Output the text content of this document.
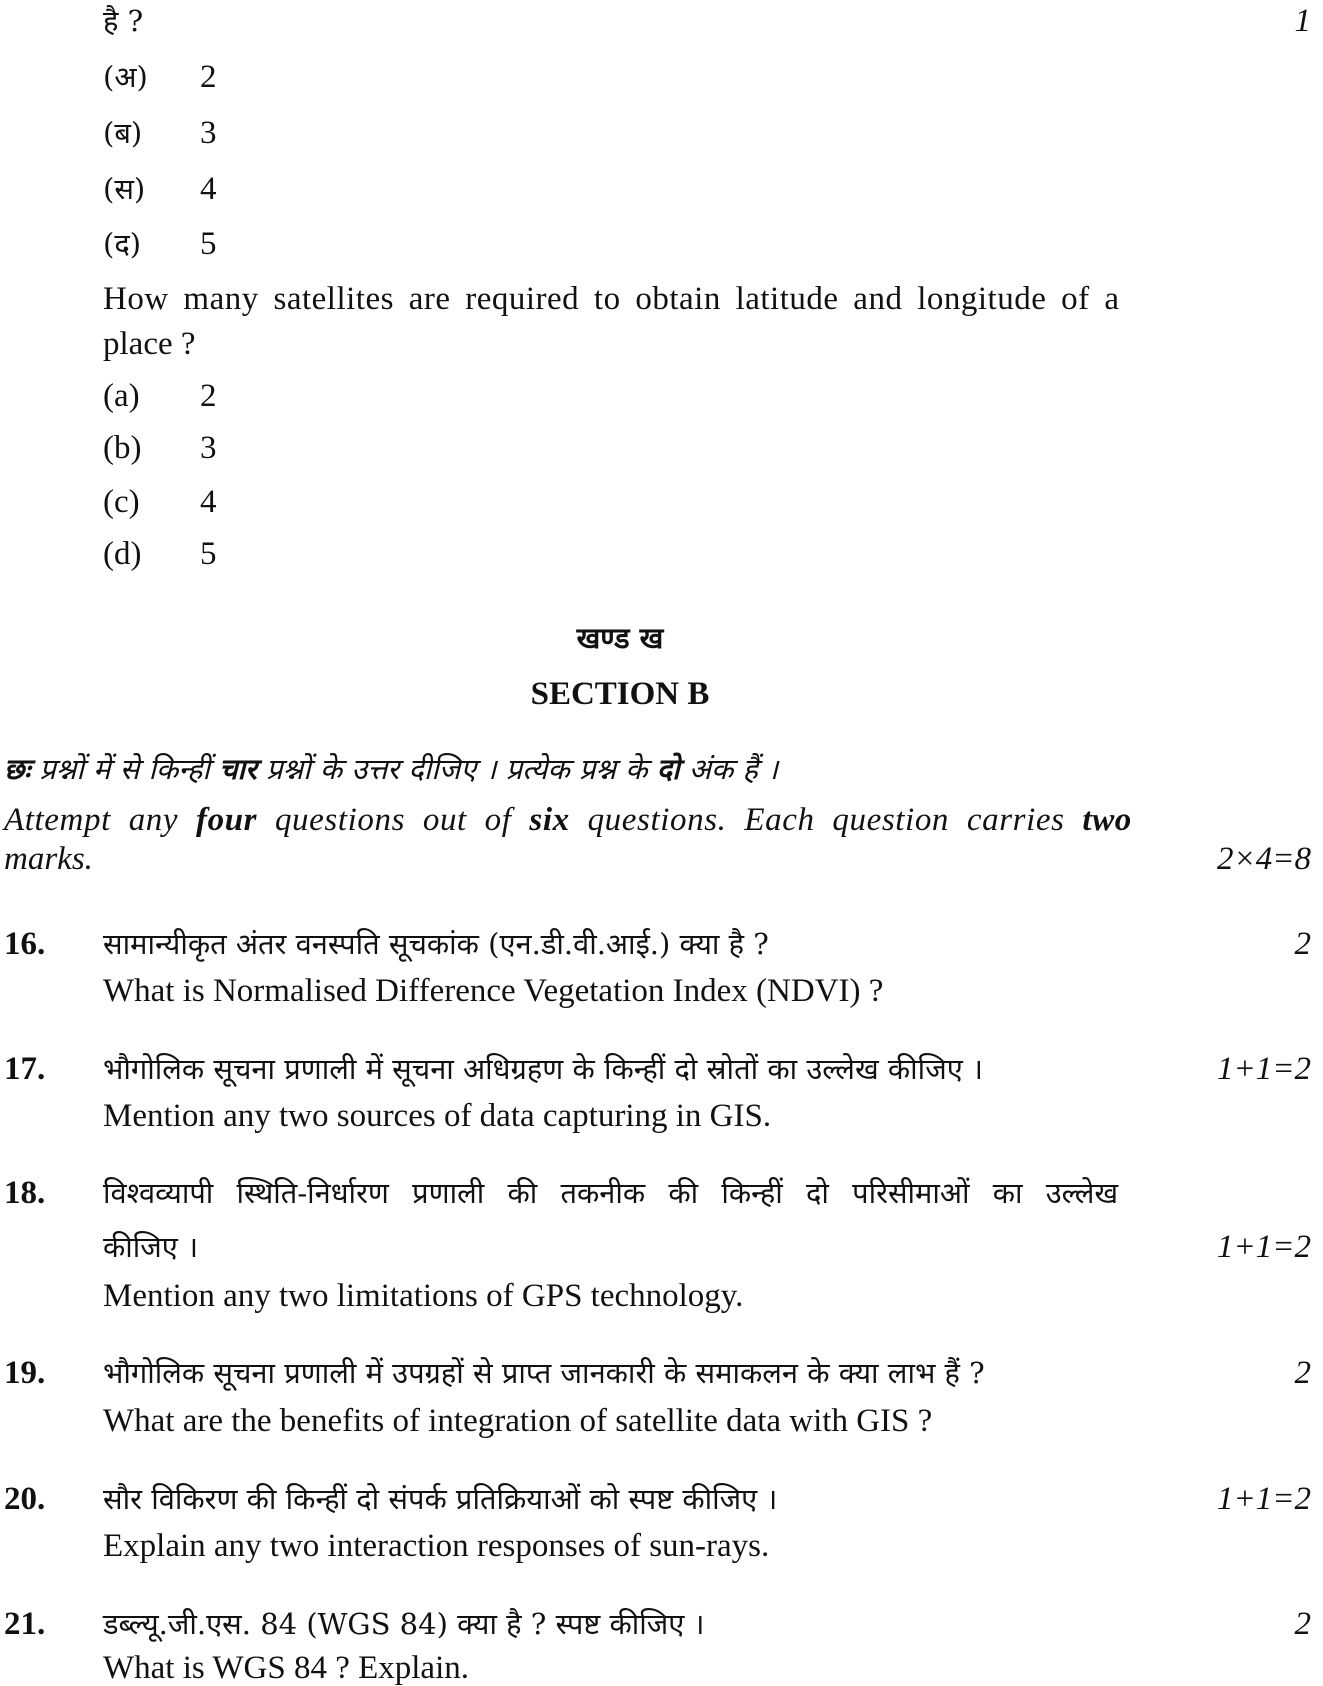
है ?	1
(अ) 2
(ब) 3
(स) 4
(द) 5
How many satellites are required to obtain latitude and longitude of a
place ?
(a) 2
(b) 3
(c) 4
(d) 5
खण्ड ख
SECTION B
छः प्रश्नों में से किन्हीं चार प्रश्नों के उत्तर दीजिए । प्रत्येक प्रश्न के दो अंक हैं ।
Attempt any four questions out of six questions. Each question carries two
marks.	2×4=8
16. सामान्यीकृत अंतर वनस्पति सूचकांक (एन.डी.वी.आई.) क्या है ?	2
What is Normalised Difference Vegetation Index (NDVI) ?
17. भौगोलिक सूचना प्रणाली में सूचना अधिग्रहण के किन्हीं दो स्रोतों का उल्लेख कीजिए ।	1+1=2
Mention any two sources of data capturing in GIS.
18. विश्वव्यापी स्थिति-निर्धारण प्रणाली की तकनीक की किन्हीं दो परिसीमाओं का उल्लेख
कीजिए ।	1+1=2
Mention any two limitations of GPS technology.
19. भौगोलिक सूचना प्रणाली में उपग्रहों से प्राप्त जानकारी के समाकलन के क्या लाभ हैं ?	2
What are the benefits of integration of satellite data with GIS ?
20. सौर विकिरण की किन्हीं दो संपर्क प्रतिक्रियाओं को स्पष्ट कीजिए ।	1+1=2
Explain any two interaction responses of sun-rays.
21. डब्ल्यू.जी.एस. 84 (WGS 84) क्या है ? स्पष्ट कीजिए ।	2
What is WGS 84 ? Explain.
